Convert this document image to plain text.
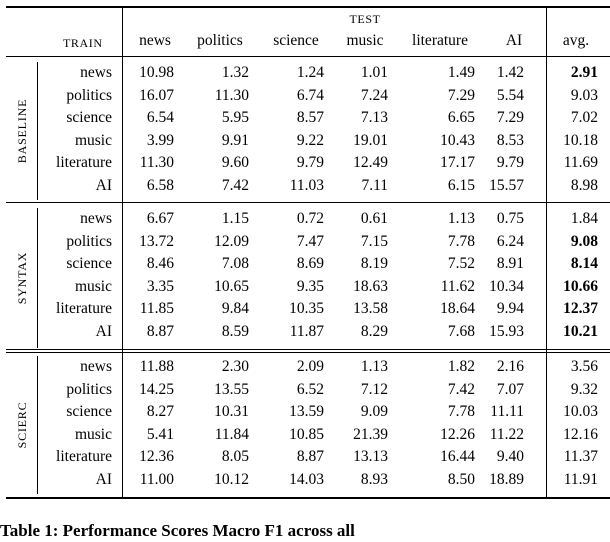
TEST
TRAIN	news	politics	science	music	literature	AI	avg.
BASELINE
news	10.98	1.32	1.24	1.01	1.49	1.42	2.91
politics	16.07	11.30	6.74	7.24	7.29	5.54	9.03
science	6.54	5.95	8.57	7.13	6.65	7.29	7.02
music	3.99	9.91	9.22	19.01	10.43	8.53	10.18
literature	11.30	9.60	9.79	12.49	17.17	9.79	11.69
AI	6.58	7.42	11.03	7.11	6.15 15.57	8.98
SYNTAX
news	6.67	1.15	0.72	0.61	1.13	0.75	1.84
politics	13.72	12.09	7.47	7.15	7.78	6.24	9.08
science	8.46	7.08	8.69	8.19	7.52	8.91	8.14
music	3.35	10.65	9.35	18.63	11.62 10.34	10.66
literature	11.85	9.84	10.35	13.58	18.64	9.94	12.37
AI	8.87	8.59	11.87	8.29	7.68 15.93	10.21
SCIERC
news	11.88	2.30	2.09	1.13	1.82	2.16	3.56
politics	14.25	13.55	6.52	7.12	7.42	7.07	9.32
science	8.27	10.31	13.59	9.09	7.78 11.11	10.03
music	5.41	11.84	10.85	21.39	12.26 11.22	12.16
literature	12.36	8.05	8.87	13.13	16.44	9.40	11.37
AI	11.00	10.12	14.03	8.93	8.50 18.89	11.91
Table 1: Performance Scores Macro F1 across all
